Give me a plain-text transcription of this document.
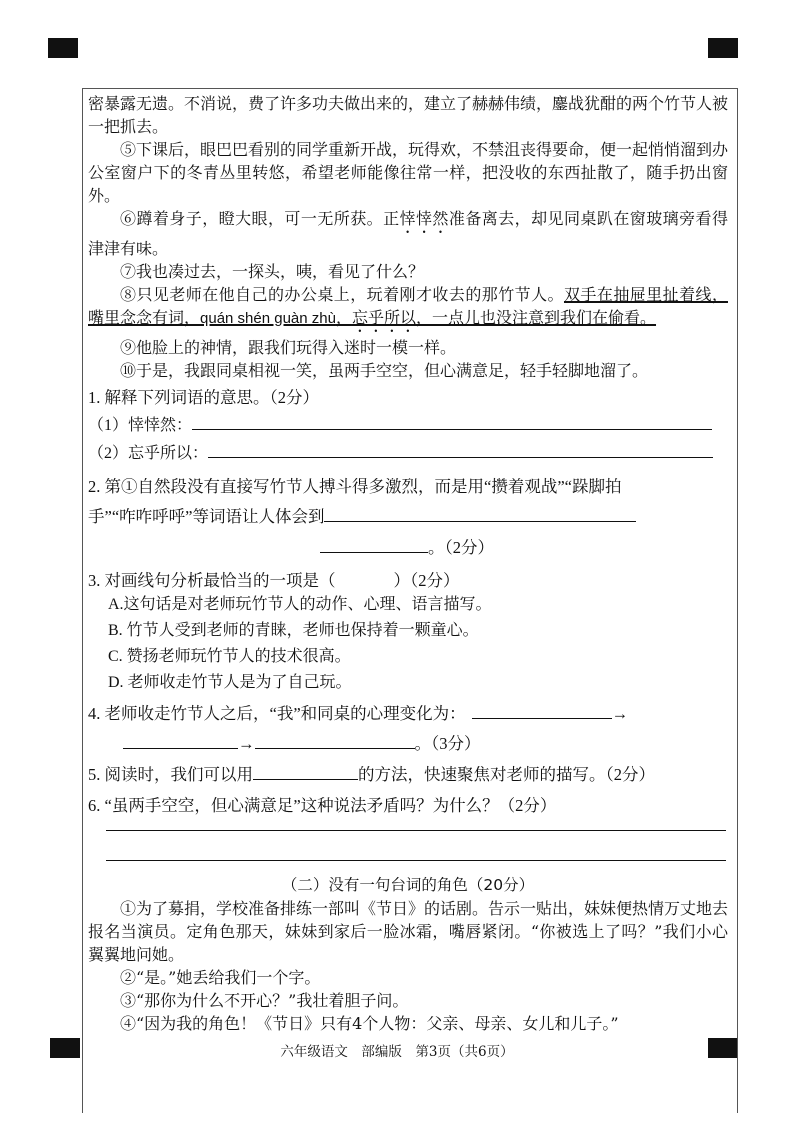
密暴露无遗。不消说，费了许多功夫做出来的，建立了赫赫伟绩，鏖战犹酣的两个竹节人被一把抓去。

⑤下课后，眼巴巴看别的同学重新开战，玩得欢，不禁沮丧得要命，便一起悄悄溜到办公室窗户下的冬青丛里转悠，希望老师能像往常一样，把没收的东西扯散了，随手扔出窗外。

⑥蹲着身子，瞪大眼，可一无所获。正悻悻然准备离去，却见同桌趴在窗玻璃旁看得津津有味。

⑦我也凑过去，一探头，咦，看见了什么？

⑧只见老师在他自己的办公桌上，玩着刚才收去的那竹节人。双手在抽屉里扯着线，嘴里念念有词，quán shén guàn zhù，忘乎所以，一点儿也没注意到我们在偷看。

⑨他脸上的神情，跟我们玩得入迷时一模一样。

⑩于是，我跟同桌相视一笑，虽两手空空，但心满意足，轻手轻脚地溜了。

1. 解释下列词语的意思。（2分）

（1）悻悻然：

（2）忘乎所以：

2. 第①自然段没有直接写竹节人搏斗得多激烈，而是用“攒着观战”“跺脚拍

手”“咋咋呼呼”等词语让人体会到

。（2分）

3. 对画线句分析最恰当的一项是（	）（2分）

A.这句话是对老师玩竹节人的动作、心理、语言描写。

B. 竹节人受到老师的青睐，老师也保持着一颗童心。

C. 赞扬老师玩竹节人的技术很高。

D. 老师收走竹节人是为了自己玩。

4. 老师收走竹节人之后，“我”和同桌的心理变化为：	→

→	。（3分）

5. 阅读时，我们可以用	的方法，快速聚焦对老师的描写。（2分）

6. “虽两手空空，但心满意足”这种说法矛盾吗？为什么？（2分）

（二）没有一句台词的角色（20分）

①为了募捐，学校准备排练一部叫《节日》的话剧。告示一贴出，妹妹便热情万丈地去报名当演员。定角色那天，妹妹到家后一脸冰霜，嘴唇紧闭。“你被选上了吗？”我们小心翼翼地问她。

②“是。”她丢给我们一个字。

③“那你为什么不开心？”我壮着胆子问。

④“因为我的角色！《节日》只有4个人物：父亲、母亲、女儿和儿子。”

六年级语文　部编版　第3页（共6页）
